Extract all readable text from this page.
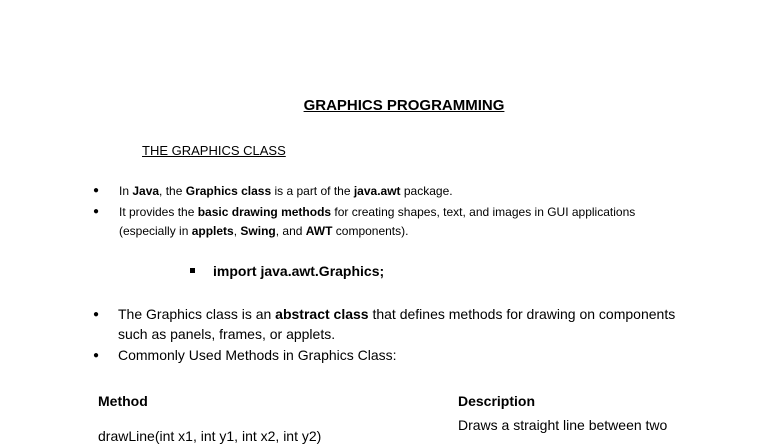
GRAPHICS PROGRAMMING
THE GRAPHICS CLASS
● In Java, the Graphics class is a part of the java.awt package.
● It provides the basic drawing methods for creating shapes, text, and images in GUI applications
(especially in applets, Swing, and AWT components).
import java.awt.Graphics;
● The Graphics class is an abstract class that defines methods for drawing on components
such as panels, frames, or applets.
● Commonly Used Methods in Graphics Class:
Method	Description
drawLine(int x1, int y1, int x2, int y2)
Draws a straight line between two
